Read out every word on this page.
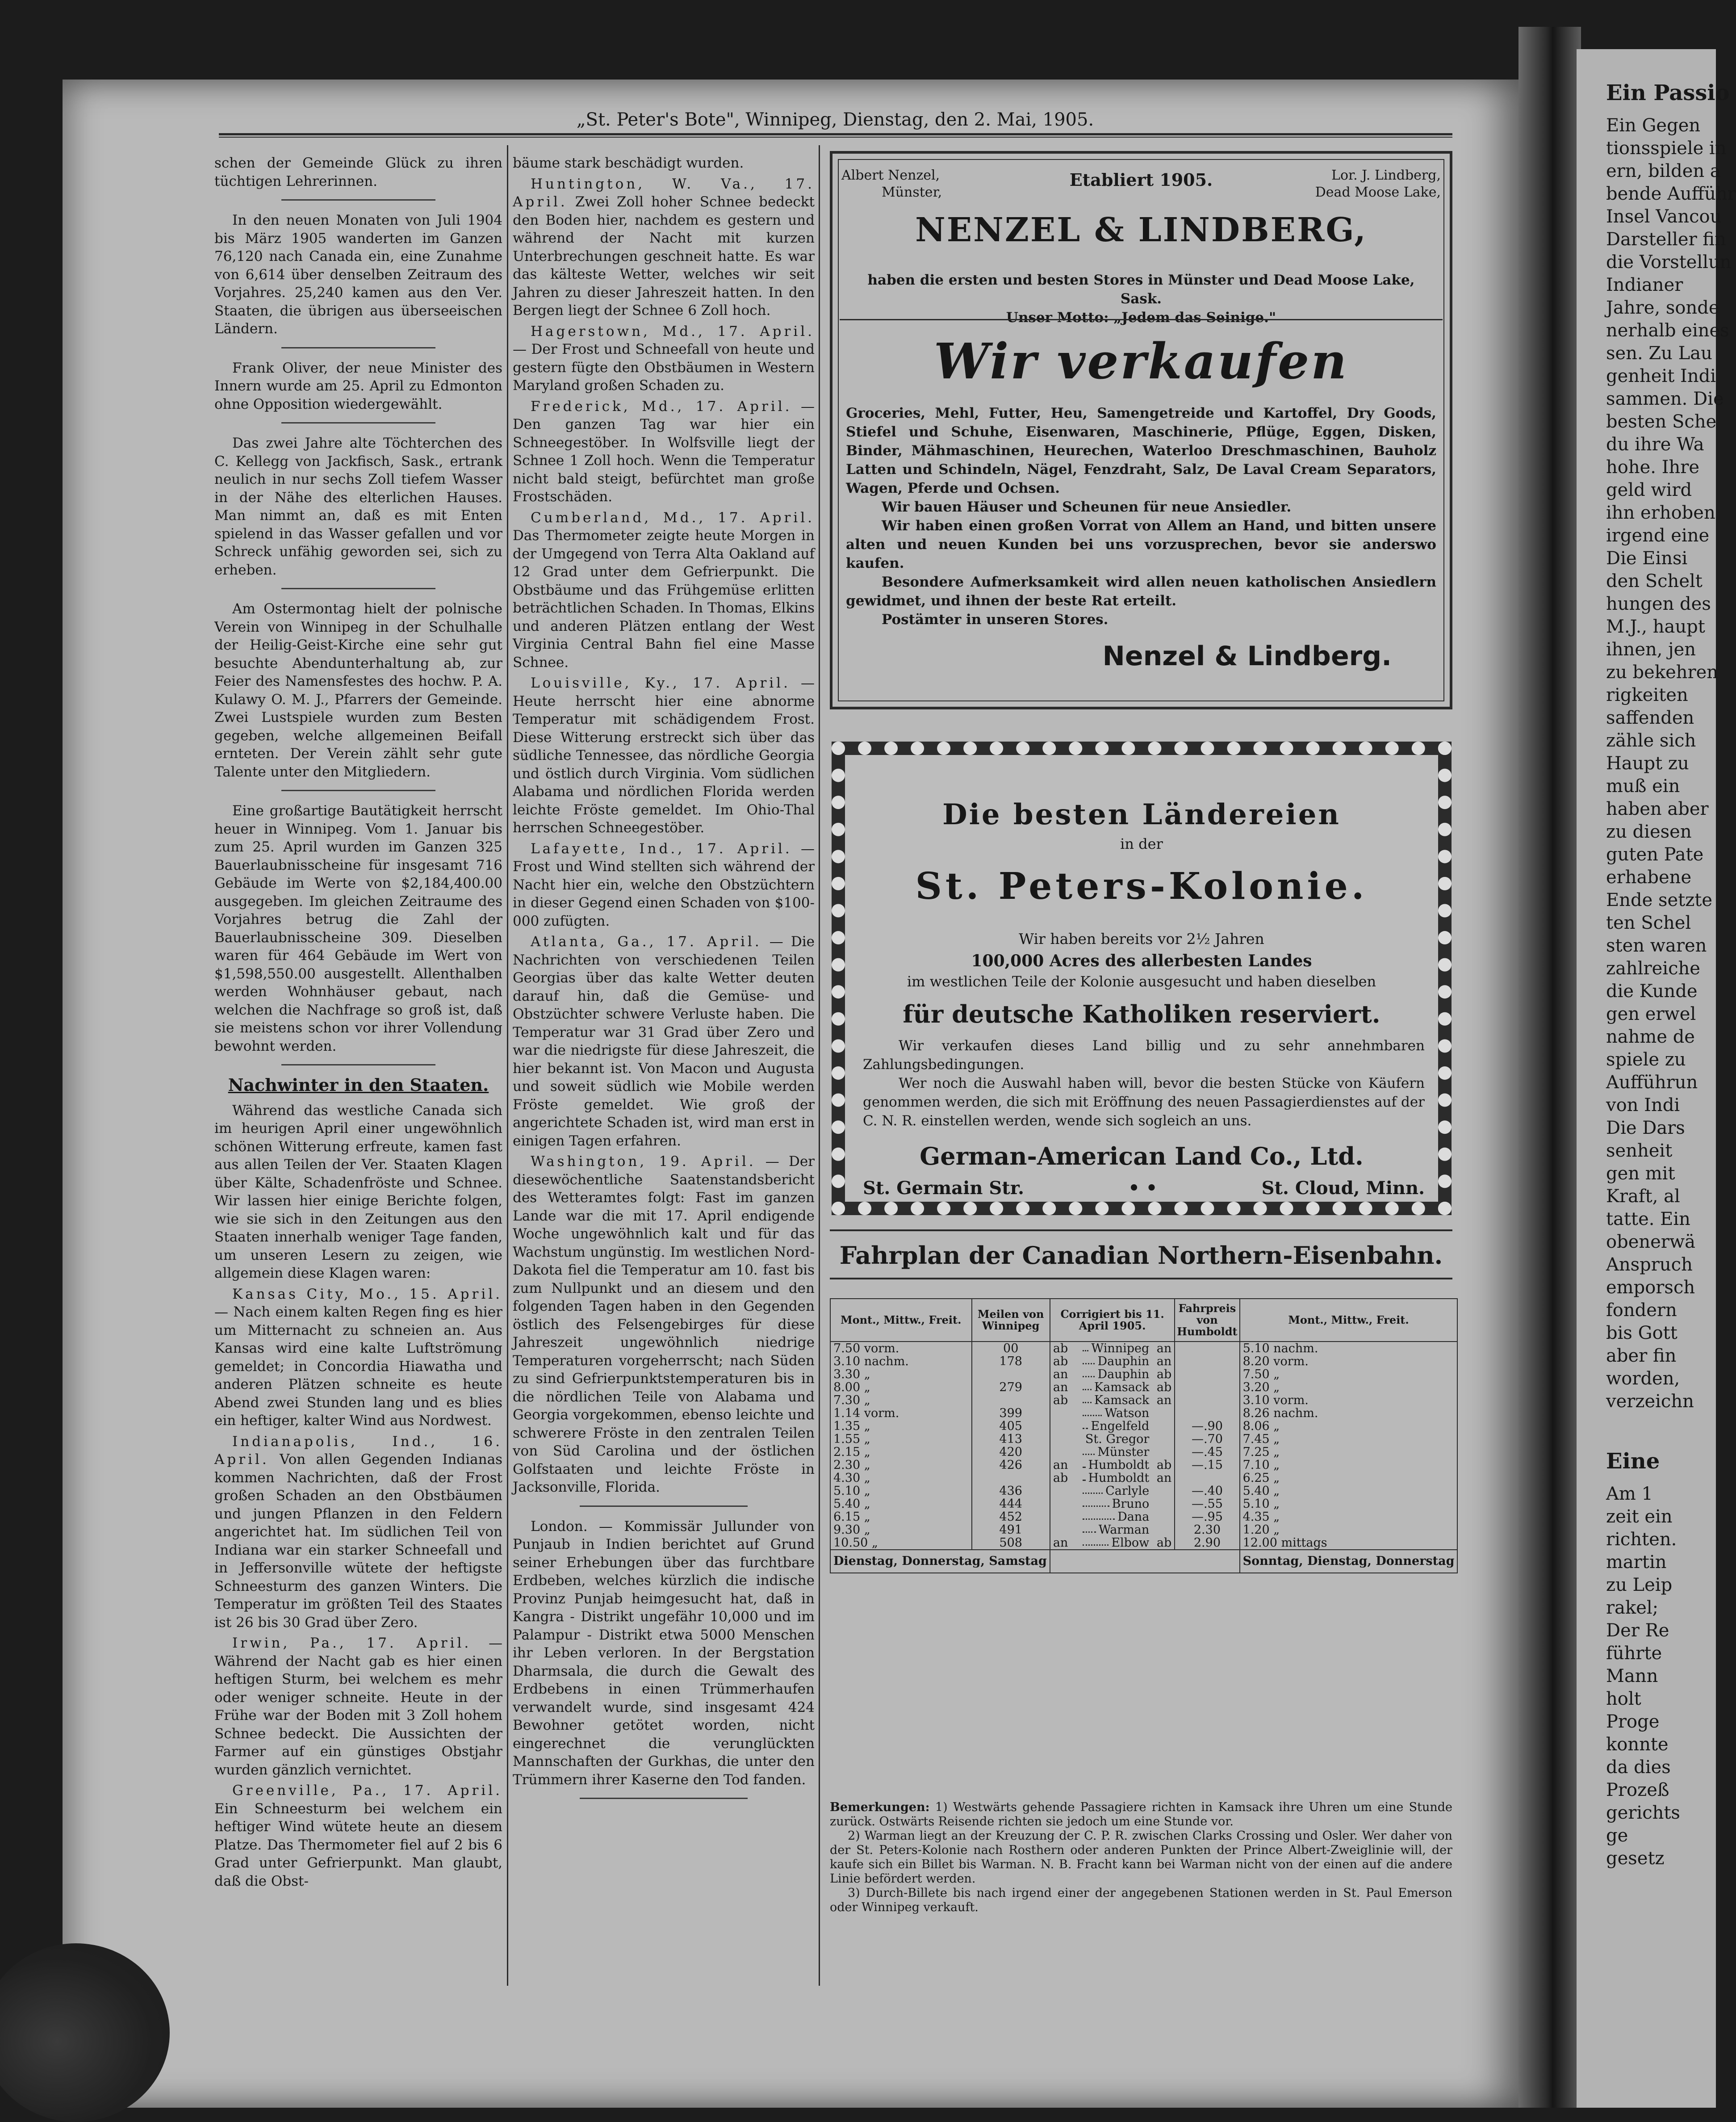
Ein Passio
Ein Gegen
tionsspiele in
ern, bilden a
bende Aufführ
Insel Vancou
Darsteller fin
die Vorstellun
Indianer
Jahre, sonde
nerhalb eines
sen. Zu Lau
genheit Indi
sammen. Die
besten Sche
du ihre Wa
hohe. Ihre
geld wird
ihn erhoben
irgend eine
Die Einsi
den Schelt
hungen des
M.J., haupt
ihnen, jen
zu bekehren
rigkeiten
saffenden
zähle sich
Haupt zu
muß ein
haben aber
zu diesen
guten Pate
erhabene
Ende setzte
ten Schel
sten waren
zahlreiche
die Kunde
gen erwel
nahme de
spiele zu
Aufführun
von Indi
Die Dars
senheit
gen mit
Kraft, al
tatte. Ein
obenerwä
Anspruch
emporsch
fondern
bis Gott
aber fin
worden,
verzeichn
Eine
Am 1
zeit ein
richten.
martin
zu Leip
rakel;
Der Re
führte
Mann
holt
Proge
konnte
da dies
Prozeß
gerichts
ge
gesetz
„St. Peter's Bote", Winnipeg, Dienstag, den 2. Mai, 1905.

schen der Gemeinde Glück zu ihren tüchtigen Lehrerinnen.

In den neuen Monaten von Juli 1904 bis März 1905 wanderten im Ganzen 76,120 nach Canada ein, eine Zunahme von 6,614 über denselben Zeitraum des Vorjahres. 25,240 kamen aus den Ver. Staaten, die übrigen aus überseeischen Ländern.

Frank Oliver, der neue Minister des Innern wurde am 25. April zu Edmonton ohne Opposition wiedergewählt.

Das zwei Jahre alte Töchterchen des C. Kellegg von Jackfisch, Sask., ertrank neulich in nur sechs Zoll tiefem Wasser in der Nähe des elterlichen Hauses. Man nimmt an, daß es mit Enten spielend in das Wasser gefallen und vor Schreck unfähig geworden sei, sich zu erheben.

Am Ostermontag hielt der polnische Verein von Winnipeg in der Schulhalle der Heilig-Geist-Kirche eine sehr gut besuchte Abendunterhaltung ab, zur Feier des Namensfestes des hochw. P. A. Kulawy O. M. J., Pfarrers der Gemeinde. Zwei Lustspiele wurden zum Besten gegeben, welche allgemeinen Beifall ernteten. Der Verein zählt sehr gute Talente unter den Mitgliedern.

Eine großartige Bautätigkeit herrscht heuer in Winnipeg. Vom 1. Januar bis zum 25. April wurden im Ganzen 325 Bauerlaubnisscheine für insgesamt 716 Gebäude im Werte von $2,184,400.00 ausgegeben. Im gleichen Zeitraume des Vorjahres betrug die Zahl der Bauerlaubnisscheine 309. Dieselben waren für 464 Gebäude im Wert von $1,598,550.00 ausgestellt. Allenthalben werden Wohnhäuser gebaut, nach welchen die Nachfrage so groß ist, daß sie meistens schon vor ihrer Vollendung bewohnt werden.

Nachwinter in den Staaten.

Während das westliche Canada sich im heurigen April einer ungewöhnlich schönen Witterung erfreute, kamen fast aus allen Teilen der Ver. Staaten Klagen über Kälte, Schadenfröste und Schnee. Wir lassen hier einige Berichte folgen, wie sie sich in den Zeitungen aus den Staaten innerhalb weniger Tage fanden, um unseren Lesern zu zeigen, wie allgemein diese Klagen waren:

Kansas City, Mo., 15. April. — Nach einem kalten Regen fing es hier um Mitternacht zu schneien an. Aus Kansas wird eine kalte Luftströmung gemeldet; in Concordia Hiawatha und anderen Plätzen schneite es heute Abend zwei Stunden lang und es blies ein heftiger, kalter Wind aus Nordwest.

Indianapolis, Ind., 16. April. Von allen Gegenden Indianas kommen Nachrichten, daß der Frost großen Schaden an den Obstbäumen und jungen Pflanzen in den Feldern angerichtet hat. Im südlichen Teil von Indiana war ein starker Schneefall und in Jeffersonville wütete der heftigste Schneesturm des ganzen Winters. Die Temperatur im größten Teil des Staates ist 26 bis 30 Grad über Zero.

Irwin, Pa., 17. April. — Während der Nacht gab es hier einen heftigen Sturm, bei welchem es mehr oder weniger schneite. Heute in der Frühe war der Boden mit 3 Zoll hohem Schnee bedeckt. Die Aussichten der Farmer auf ein günstiges Obstjahr wurden gänzlich vernichtet.

Greenville, Pa., 17. April. Ein Schneesturm bei welchem ein heftiger Wind wütete heute an diesem Platze. Das Thermometer fiel auf 2 bis 6 Grad unter Gefrierpunkt. Man glaubt, daß die Obst-

bäume stark beschädigt wurden.

Huntington, W. Va., 17. April. Zwei Zoll hoher Schnee bedeckt den Boden hier, nachdem es gestern und während der Nacht mit kurzen Unterbrechungen geschneit hatte. Es war das kälteste Wetter, welches wir seit Jahren zu dieser Jahreszeit hatten. In den Bergen liegt der Schnee 6 Zoll hoch.

Hagerstown, Md., 17. April. — Der Frost und Schneefall von heute und gestern fügte den Obstbäumen in Western Maryland großen Schaden zu.

Frederick, Md., 17. April. — Den ganzen Tag war hier ein Schneegestöber. In Wolfsville liegt der Schnee 1 Zoll hoch. Wenn die Temperatur nicht bald steigt, befürchtet man große Frostschäden.

Cumberland, Md., 17. April. Das Thermometer zeigte heute Morgen in der Umgegend von Terra Alta Oakland auf 12 Grad unter dem Gefrierpunkt. Die Obstbäume und das Frühgemüse erlitten beträchtlichen Schaden. In Thomas, Elkins und anderen Plätzen entlang der West Virginia Central Bahn fiel eine Masse Schnee.

Louisville, Ky., 17. April. — Heute herrscht hier eine abnorme Temperatur mit schädigendem Frost. Diese Witterung erstreckt sich über das südliche Tennessee, das nördliche Georgia und östlich durch Virginia. Vom südlichen Alabama und nördlichen Florida werden leichte Fröste gemeldet. Im Ohio-Thal herrschen Schneegestöber.

Lafayette, Ind., 17. April. — Frost und Wind stellten sich während der Nacht hier ein, welche den Obstzüchtern in dieser Gegend einen Schaden von $100-000 zufügten.

Atlanta, Ga., 17. April. — Die Nachrichten von verschiedenen Teilen Georgias über das kalte Wetter deuten darauf hin, daß die Gemüse- und Obstzüchter schwere Verluste haben. Die Temperatur war 31 Grad über Zero und war die niedrigste für diese Jahreszeit, die hier bekannt ist. Von Macon und Augusta und soweit südlich wie Mobile werden Fröste gemeldet. Wie groß der angerichtete Schaden ist, wird man erst in einigen Tagen erfahren.

Washington, 19. April. — Der diesewöchentliche Saatenstandsbericht des Wetteramtes folgt: Fast im ganzen Lande war die mit 17. April endigende Woche ungewöhnlich kalt und für das Wachstum ungünstig. Im westlichen Nord-Dakota fiel die Temperatur am 10. fast bis zum Nullpunkt und an diesem und den folgenden Tagen haben in den Gegenden östlich des Felsengebirges für diese Jahreszeit ungewöhnlich niedrige Temperaturen vorgeherrscht; nach Süden zu sind Gefrierpunktstemperaturen bis in die nördlichen Teile von Alabama und Georgia vorgekommen, ebenso leichte und schwerere Fröste in den zentralen Teilen von Süd Carolina und der östlichen Golfstaaten und leichte Fröste in Jacksonville, Florida.

London. — Kommissär Jullunder von Punjaub in Indien berichtet auf Grund seiner Erhebungen über das furchtbare Erdbeben, welches kürzlich die indische Provinz Punjab heimgesucht hat, daß in Kangra - Distrikt ungefähr 10,000 und im Palampur - Distrikt etwa 5000 Menschen ihr Leben verloren. In der Bergstation Dharmsala, die durch die Gewalt des Erdbebens in einen Trümmerhaufen verwandelt wurde, sind insgesamt 424 Bewohner getötet worden, nicht eingerechnet die verunglückten Mannschaften der Gurkhas, die unter den Trümmern ihrer Kaserne den Tod fanden.

Albert Nenzel,
Münster,
Etabliert 1905.	Lor. J. Lindberg,
Dead Moose Lake,
NENZEL & LINDBERG,
haben die ersten und besten Stores in Münster und Dead Moose Lake, Sask.
Unser Motto: „Jedem das Seinige."
Wir verkaufen
Groceries, Mehl, Futter, Heu, Samengetreide und Kartoffel, Dry Goods, Stiefel und Schuhe, Eisenwaren, Maschinerie, Pflüge, Eggen, Disken, Binder, Mähmaschinen, Heurechen, Waterloo Dreschmaschinen, Bauholz Latten und Schindeln, Nägel, Fenzdraht, Salz, De Laval Cream Separators, Wagen, Pferde und Ochsen.
Wir bauen Häuser und Scheunen für neue Ansiedler.
Wir haben einen großen Vorrat von Allem an Hand, und bitten unsere alten und neuen Kunden bei uns vorzusprechen, bevor sie anderswo kaufen.
Besondere Aufmerksamkeit wird allen neuen katholischen Ansiedlern gewidmet, und ihnen der beste Rat erteilt.
Postämter in unseren Stores.
Nenzel & Lindberg.
Die besten Ländereien
in der
St. Peters-Kolonie.
Wir haben bereits vor 2½ Jahren
100,000 Acres des allerbesten Landes
im westlichen Teile der Kolonie ausgesucht und haben dieselben
für deutsche Katholiken reserviert.
Wir verkaufen dieses Land billig und zu sehr annehmbaren Zahlungsbedingungen.
Wer noch die Auswahl haben will, bevor die besten Stücke von Käufern genommen werden, die sich mit Eröffnung des neuen Passagierdienstes auf der C. N. R. einstellen werden, wende sich sogleich an uns.
German-American Land Co., Ltd.
St. Germain Str.	• •	St. Cloud, Minn.
Fahrplan der Canadian Northern-Eisenbahn.
Mont., Mittw., Freit.	Meilen von Winnipeg	Corrigiert bis 11. April 1905.	Fahrpreis von Humboldt	Mont., Mittw., Freit.
7.50 vorm.	00	ab Winnipeg an		5.10 nachm.
3.10 nachm.	178	ab Dauphin an		8.20 vorm.
3.30 „		an Dauphin ab		7.50 „
8.00 „	279	an Kamsack ab		3.20 „
7.30 „		ab Kamsack an		3.10 vorm.
1.14 vorm.	399	Watson		8.26 nachm.
1.35 „	405	Engelfeld	—.90	8.06 „
1.55 „	413	St. Gregor	—.70	7.45 „
2.15 „	420	Münster	—.45	7.25 „
2.30 „	426	an Humboldt ab	—.15	7.10 „
4.30 „		ab Humboldt an		6.25 „
5.10 „	436	Carlyle	—.40	5.40 „
5.40 „	444	Bruno	—.55	5.10 „
6.15 „	452	Dana	—.95	4.35 „
9.30 „	491	Warman	2.30	1.20 „
10.50 „	508	an Elbow ab	2.90	12.00 mittags
Dienstag, Donnerstag, Samstag				Sonntag, Dienstag, Donnerstag
Bemerkungen: 1) Westwärts gehende Passagiere richten in Kamsack ihre Uhren um eine Stunde zurück. Ostwärts Reisende richten sie jedoch um eine Stunde vor.
2) Warman liegt an der Kreuzung der C. P. R. zwischen Clarks Crossing und Osler. Wer daher von der St. Peters-Kolonie nach Rosthern oder anderen Punkten der Prince Albert-Zweiglinie will, der kaufe sich ein Billet bis Warman. N. B. Fracht kann bei Warman nicht von der einen auf die andere Linie befördert werden.
3) Durch-Billete bis nach irgend einer der angegebenen Stationen werden in St. Paul Emerson oder Winnipeg verkauft.
